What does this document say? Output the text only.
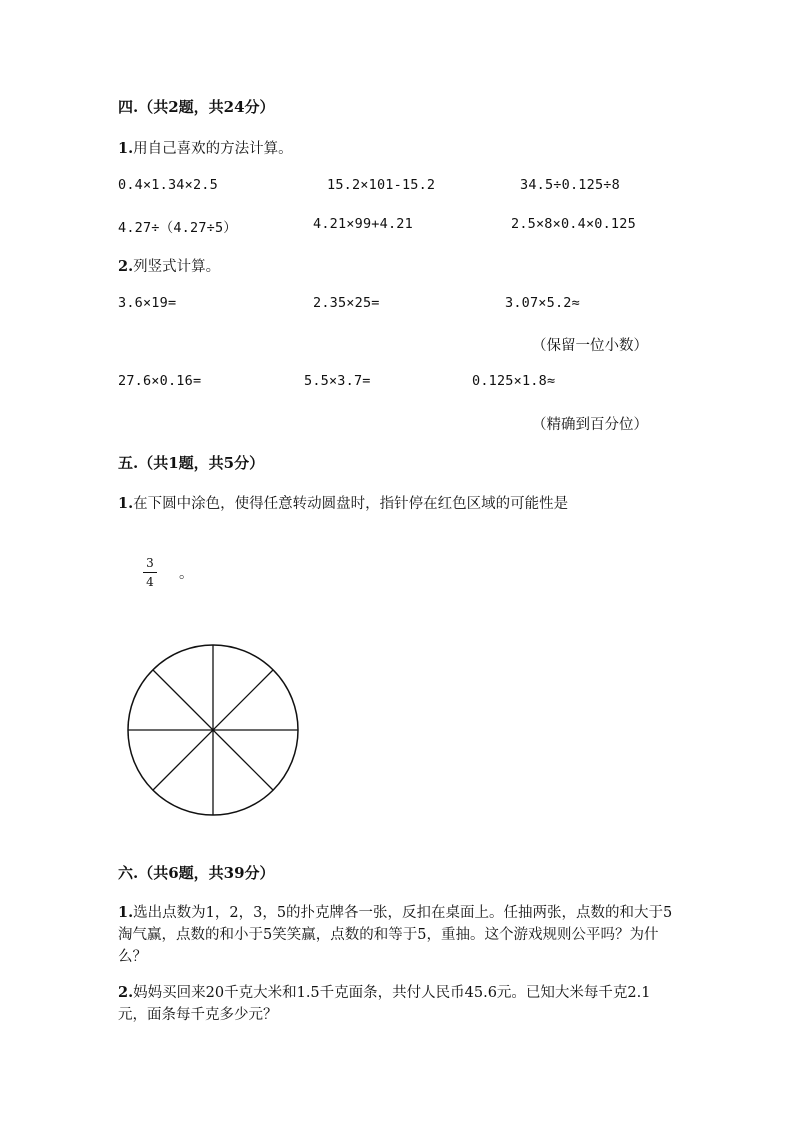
四.（共2题，共24分）
1.用自己喜欢的方法计算。
0.4×1.34×2.5	15.2×101-15.2	34.5÷0.125÷8
4.27÷（4.27÷5）	4.21×99+4.21	2.5×8×0.4×0.125
2.列竖式计算。
3.6×19=	2.35×25=	3.07×5.2≈
（保留一位小数）
27.6×0.16=	5.5×3.7=	0.125×1.8≈
（精确到百分位）
五.（共1题，共5分）
1.在下圆中涂色，使得任意转动圆盘时，指针停在红色区域的可能性是
3
4 。
六.（共6题，共39分）
1.选出点数为1，2，3，5的扑克牌各一张，反扣在桌面上。任抽两张，点数的和大于5淘气赢，点数的和小于5笑笑赢，点数的和等于5，重抽。这个游戏规则公平吗？为什么？
2.妈妈买回来20千克大米和1.5千克面条，共付人民币45.6元。已知大米每千克2.1元，面条每千克多少元？
